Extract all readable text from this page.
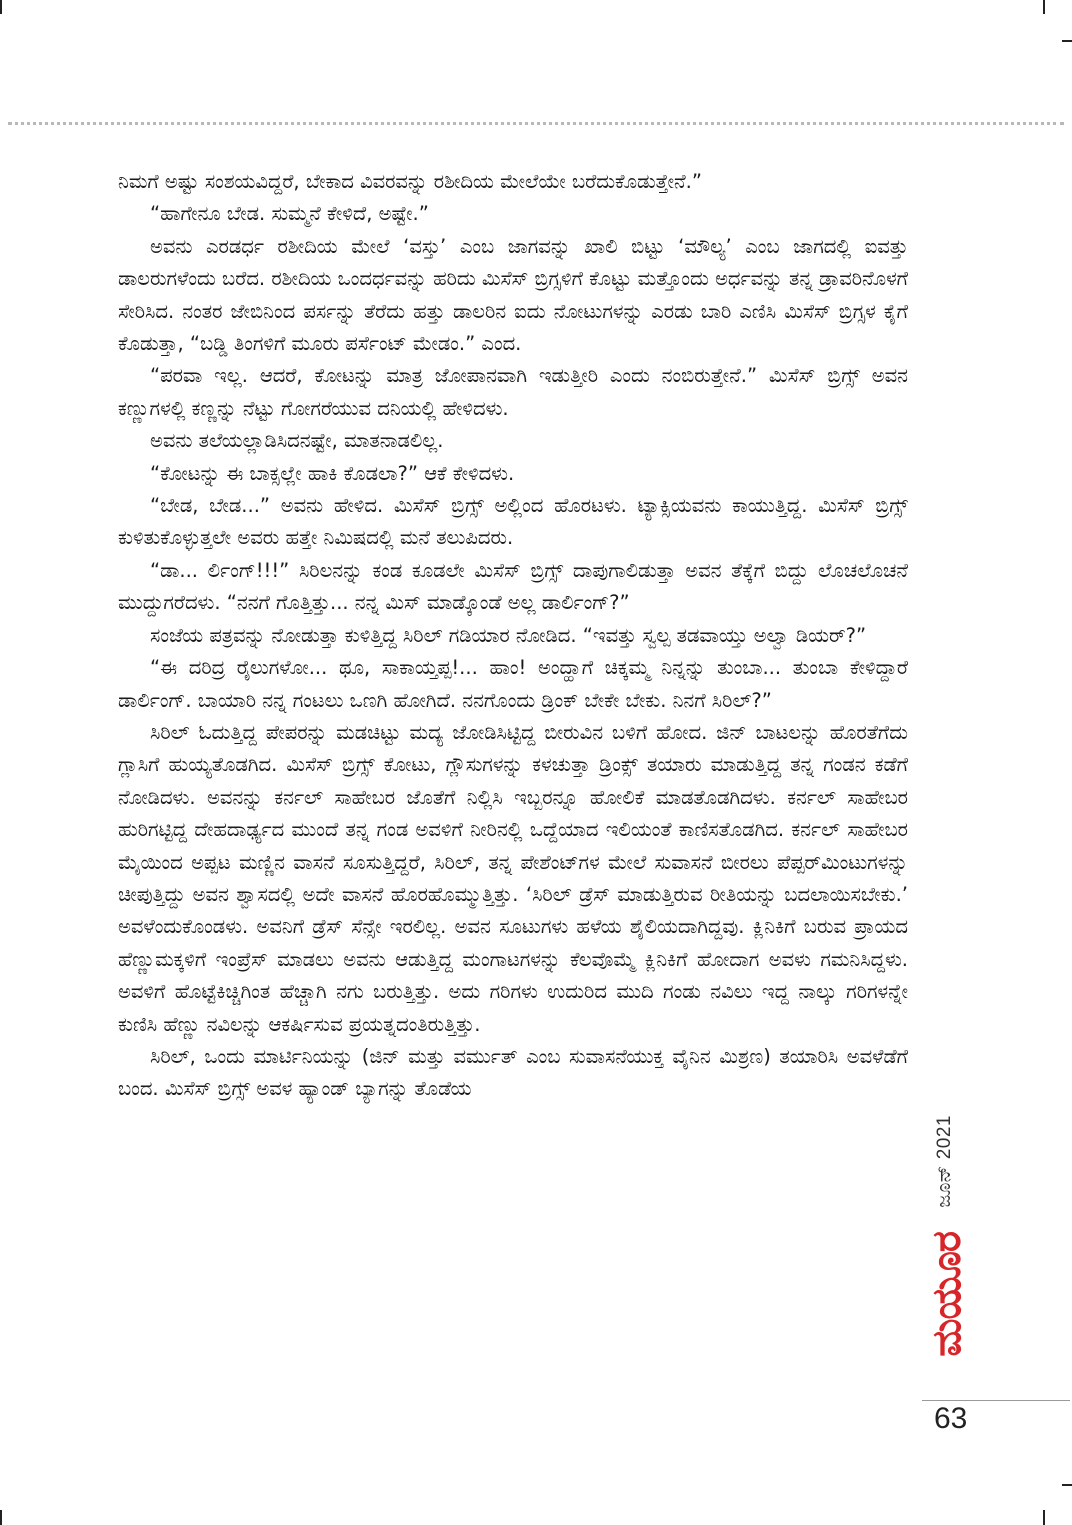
ನಿಮಗೆ ಅಷ್ಟು ಸಂಶಯವಿದ್ದರೆ, ಬೇಕಾದ ವಿವರವನ್ನು ರಶೀದಿಯ ಮೇಲೆಯೇ ಬರೆದುಕೊಡುತ್ತೇನೆ.”

“ಹಾಗೇನೂ ಬೇಡ. ಸುಮ್ಮನೆ ಕೇಳಿದೆ, ಅಷ್ಟೇ.”

ಅವನು ಎರಡರ್ಧ ರಶೀದಿಯ ಮೇಲೆ ‘ವಸ್ತು’ ಎಂಬ ಜಾಗವನ್ನು ಖಾಲಿ ಬಿಟ್ಟು ‘ಮೌಲ್ಯ’ ಎಂಬ ಜಾಗದಲ್ಲಿ ಐವತ್ತು ಡಾಲರುಗಳೆಂದು ಬರೆದ. ರಶೀದಿಯ ಒಂದರ್ಧವನ್ನು ಹರಿದು ಮಿಸೆಸ್ ಬ್ರಿಗ್ಸಳಿಗೆ ಕೊಟ್ಟು ಮತ್ತೊಂದು ಅರ್ಧವನ್ನು ತನ್ನ ಡ್ರಾವರಿನೊಳಗೆ ಸೇರಿಸಿದ. ನಂತರ ಜೇಬಿನಿಂದ ಪರ್ಸನ್ನು ತೆರೆದು ಹತ್ತು ಡಾಲರಿನ ಐದು ನೋಟುಗಳನ್ನು ಎರಡು ಬಾರಿ ಎಣಿಸಿ ಮಿಸೆಸ್ ಬ್ರಿಗ್ಸಳ ಕೈಗೆ ಕೊಡುತ್ತಾ, “ಬಡ್ಡಿ ತಿಂಗಳಿಗೆ ಮೂರು ಪರ್ಸೆಂಟ್ ಮೇಡಂ.” ಎಂದ.

“ಪರವಾ ಇಲ್ಲ. ಆದರೆ, ಕೋಟನ್ನು ಮಾತ್ರ ಜೋಪಾನವಾಗಿ ಇಡುತ್ತೀರಿ ಎಂದು ನಂಬಿರುತ್ತೇನೆ.” ಮಿಸೆಸ್ ಬ್ರಿಗ್ಸ್ ಅವನ ಕಣ್ಣುಗಳಲ್ಲಿ ಕಣ್ಣನ್ನು ನೆಟ್ಟು ಗೋಗರೆಯುವ ದನಿಯಲ್ಲಿ ಹೇಳಿದಳು.

ಅವನು ತಲೆಯಲ್ಲಾಡಿಸಿದನಷ್ಟೇ, ಮಾತನಾಡಲಿಲ್ಲ.

“ಕೋಟನ್ನು ಈ ಬಾಕ್ಸಲ್ಲೇ ಹಾಕಿ ಕೊಡಲಾ?” ಆಕೆ ಕೇಳಿದಳು.

“ಬೇಡ, ಬೇಡ...” ಅವನು ಹೇಳಿದ. ಮಿಸೆಸ್ ಬ್ರಿಗ್ಸ್ ಅಲ್ಲಿಂದ ಹೊರಟಳು. ಟ್ಯಾಕ್ಸಿಯವನು ಕಾಯುತ್ತಿದ್ದ. ಮಿಸೆಸ್ ಬ್ರಿಗ್ಸ್ ಕುಳಿತುಕೊಳ್ಳುತ್ತಲೇ ಅವರು ಹತ್ತೇ ನಿಮಿಷದಲ್ಲಿ ಮನೆ ತಲುಪಿದರು.

“ಡಾ... ರ್ಲಿಂಗ್!!!” ಸಿರಿಲನನ್ನು ಕಂಡ ಕೂಡಲೇ ಮಿಸೆಸ್ ಬ್ರಿಗ್ಸ್ ದಾಪುಗಾಲಿಡುತ್ತಾ ಅವನ ತೆಕ್ಕೆಗೆ ಬಿದ್ದು ಲೊಚಲೊಚನೆ ಮುದ್ದುಗರೆದಳು. “ನನಗೆ ಗೊತ್ತಿತ್ತು... ನನ್ನ ಮಿಸ್ ಮಾಡ್ಕೊಂಡೆ ಅಲ್ಲ ಡಾರ್ಲಿಂಗ್?”

ಸಂಜೆಯ ಪತ್ರವನ್ನು ನೋಡುತ್ತಾ ಕುಳಿತ್ತಿದ್ದ ಸಿರಿಲ್ ಗಡಿಯಾರ ನೋಡಿದ. “ಇವತ್ತು ಸ್ವಲ್ಪ ತಡವಾಯ್ತು ಅಲ್ವಾ ಡಿಯರ್?”

“ಈ ದರಿದ್ರ ರೈಲುಗಳೋ... ಥೂ, ಸಾಕಾಯ್ತಪ್ಪ!... ಹಾಂ! ಅಂದ್ಹಾಗೆ ಚಿಕ್ಕಮ್ಮ ನಿನ್ನನ್ನು ತುಂಬಾ... ತುಂಬಾ ಕೇಳಿದ್ದಾರೆ ಡಾರ್ಲಿಂಗ್. ಬಾಯಾರಿ ನನ್ನ ಗಂಟಲು ಒಣಗಿ ಹೋಗಿದೆ. ನನಗೊಂದು ಡ್ರಿಂಕ್ ಬೇಕೇ ಬೇಕು. ನಿನಗೆ ಸಿರಿಲ್?”

ಸಿರಿಲ್ ಓದುತ್ತಿದ್ದ ಪೇಪರನ್ನು ಮಡಚಿಟ್ಟು ಮದ್ಯ ಜೋಡಿಸಿಟ್ಟಿದ್ದ ಬೀರುವಿನ ಬಳಿಗೆ ಹೋದ. ಜಿನ್ ಬಾಟಲನ್ನು ಹೊರತೆಗೆದು ಗ್ಲಾಸಿಗೆ ಹುಯ್ಯತೊಡಗಿದ. ಮಿಸೆಸ್ ಬ್ರಿಗ್ಸ್ ಕೋಟು, ಗ್ಲೌಸುಗಳನ್ನು ಕಳಚುತ್ತಾ ಡ್ರಿಂಕ್ಸ್ ತಯಾರು ಮಾಡುತ್ತಿದ್ದ ತನ್ನ ಗಂಡನ ಕಡೆಗೆ ನೋಡಿದಳು. ಅವನನ್ನು ಕರ್ನಲ್ ಸಾಹೇಬರ ಜೊತೆಗೆ ನಿಲ್ಲಿಸಿ ಇಬ್ಬರನ್ನೂ ಹೋಲಿಕೆ ಮಾಡತೊಡಗಿದಳು. ಕರ್ನಲ್ ಸಾಹೇಬರ ಹುರಿಗಟ್ಟಿದ್ದ ದೇಹದಾರ್ಢ್ಯದ ಮುಂದೆ ತನ್ನ ಗಂಡ ಅವಳಿಗೆ ನೀರಿನಲ್ಲಿ ಒದ್ದೆಯಾದ ಇಲಿಯಂತೆ ಕಾಣಿಸತೊಡಗಿದ. ಕರ್ನಲ್ ಸಾಹೇಬರ ಮೈಯಿಂದ ಅಪ್ಪಟ ಮಣ್ಣಿನ ವಾಸನೆ ಸೂಸುತ್ತಿದ್ದರೆ, ಸಿರಿಲ್, ತನ್ನ ಪೇಶೆಂಟ್‌ಗಳ ಮೇಲೆ ಸುವಾಸನೆ ಬೀರಲು ಪೆಪ್ಪರ್‌ಮಿಂಟುಗಳನ್ನು ಚೀಪುತ್ತಿದ್ದು ಅವನ ಶ್ವಾಸದಲ್ಲಿ ಅದೇ ವಾಸನೆ ಹೊರಹೊಮ್ಮುತ್ತಿತ್ತು. ‘ಸಿರಿಲ್ ಡ್ರೆಸ್ ಮಾಡುತ್ತಿರುವ ರೀತಿಯನ್ನು ಬದಲಾಯಿಸಬೇಕು.’ ಅವಳೆಂದುಕೊಂಡಳು. ಅವನಿಗೆ ಡ್ರೆಸ್ ಸೆನ್ಸೇ ಇರಲಿಲ್ಲ. ಅವನ ಸೂಟುಗಳು ಹಳೆಯ ಶೈಲಿಯದಾಗಿದ್ದವು. ಕ್ಲಿನಿಕಿಗೆ ಬರುವ ಪ್ರಾಯದ ಹೆಣ್ಣುಮಕ್ಕಳಿಗೆ ಇಂಪ್ರೆಸ್ ಮಾಡಲು ಅವನು ಆಡುತ್ತಿದ್ದ ಮಂಗಾಟಗಳನ್ನು ಕೆಲವೊಮ್ಮೆ ಕ್ಲಿನಿಕಿಗೆ ಹೋದಾಗ ಅವಳು ಗಮನಿಸಿದ್ದಳು. ಅವಳಿಗೆ ಹೊಟ್ಟೆಕಿಚ್ಚಿಗಿಂತ ಹೆಚ್ಚಾಗಿ ನಗು ಬರುತ್ತಿತ್ತು. ಅದು ಗರಿಗಳು ಉದುರಿದ ಮುದಿ ಗಂಡು ನವಿಲು ಇದ್ದ ನಾಲ್ಕು ಗರಿಗಳನ್ನೇ ಕುಣಿಸಿ ಹೆಣ್ಣು ನವಿಲನ್ನು ಆಕರ್ಷಿಸುವ ಪ್ರಯತ್ನದಂತಿರುತ್ತಿತ್ತು.

ಸಿರಿಲ್, ಒಂದು ಮಾರ್ಟಿನಿಯನ್ನು (ಜಿನ್ ಮತ್ತು ವರ್ಮುತ್ ಎಂಬ ಸುವಾಸನೆಯುಕ್ತ ವೈನಿನ ಮಿಶ್ರಣ) ತಯಾರಿಸಿ ಅವಳೆಡೆಗೆ ಬಂದ. ಮಿಸೆಸ್ ಬ್ರಿಗ್ಸ್ ಅವಳ ಹ್ಯಾಂಡ್ ಬ್ಯಾಗನ್ನು ತೊಡೆಯ

ಜೂನ್ 2021
ಮಯೂರ
63
